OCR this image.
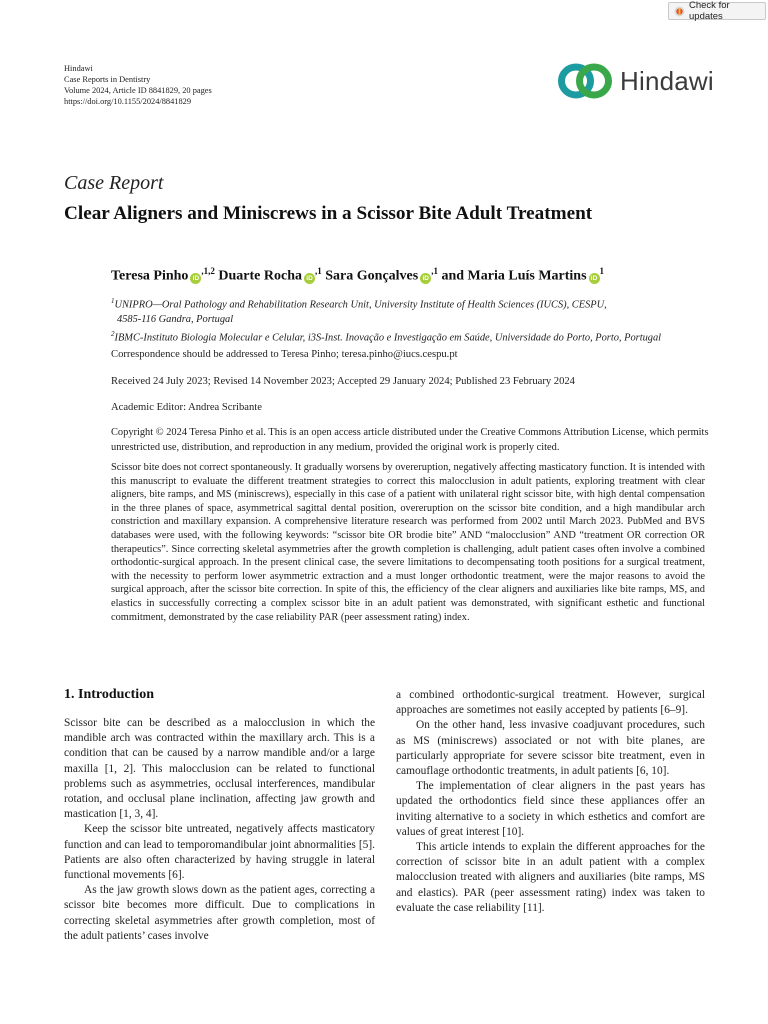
Check for updates
Hindawi
Case Reports in Dentistry
Volume 2024, Article ID 8841829, 20 pages
https://doi.org/10.1155/2024/8841829
Hindawi
Case Report
Clear Aligners and Miniscrews in a Scissor Bite Adult Treatment
Teresa Pinho $iD^{,1,2}$ Duarte Rocha $iD^{,1}$ Sara Gonçalves $iD^{,1}$ and Maria Luís Martins $iD^1$
$^1$UNIPRO—Oral Pathology and Rehabilitation Research Unit, University Institute of Health Sciences (IUCS), CESPU,
4585-116 Gandra, Portugal
$^2$IBMC-Instituto Biologia Molecular e Celular, i3S-Inst. Inovação e Investigação em Saúde, Universidade do Porto, Porto, Portugal
Correspondence should be addressed to Teresa Pinho; teresa.pinho@iucs.cespu.pt
Received 24 July 2023; Revised 14 November 2023; Accepted 29 January 2024; Published 23 February 2024
Academic Editor: Andrea Scribante
Copyright © 2024 Teresa Pinho et al. This is an open access article distributed under the Creative Commons Attribution License, which permits unrestricted use, distribution, and reproduction in any medium, provided the original work is properly cited.
Scissor bite does not correct spontaneously. It gradually worsens by overeruption, negatively affecting masticatory function. It is intended with this manuscript to evaluate the different treatment strategies to correct this malocclusion in adult patients, exploring treatment with clear aligners, bite ramps, and MS (miniscrews), especially in this case of a patient with unilateral right scissor bite, with high dental compensation in the three planes of space, asymmetrical sagittal dental position, overeruption on the scissor bite condition, and a high mandibular arch constriction and maxillary expansion. A comprehensive literature research was performed from 2002 until March 2023. PubMed and BVS databases were used, with the following keywords: “scissor bite OR brodie bite” AND “malocclusion” AND “treatment OR correction OR therapeutics”. Since correcting skeletal asymmetries after the growth completion is challenging, adult patient cases often involve a combined orthodontic-surgical approach. In the present clinical case, the severe limitations to decompensating tooth positions for a surgical treatment, with the necessity to perform lower asymmetric extraction and a must longer orthodontic treatment, were the major reasons to avoid the surgical approach, after the scissor bite correction. In spite of this, the efficiency of the clear aligners and auxiliaries like bite ramps, MS, and elastics in successfully correcting a complex scissor bite in an adult patient was demonstrated, with significant esthetic and functional commitment, demonstrated by the case reliability PAR (peer assessment rating) index.
1. Introduction

Scissor bite can be described as a malocclusion in which the mandible arch was contracted within the maxillary arch. This is a condition that can be caused by a narrow mandible and/or a large maxilla [1, 2]. This malocclusion can be related to functional problems such as asymmetries, occlusal interferences, mandibular rotation, and occlusal plane inclination, affecting jaw growth and mastication [1, 3, 4].

Keep the scissor bite untreated, negatively affects masticatory function and can lead to temporomandibular joint abnormalities [5]. Patients are also often characterized by having struggle in lateral functional movements [6].

As the jaw growth slows down as the patient ages, correcting a scissor bite becomes more difficult. Due to complications in correcting skeletal asymmetries after growth completion, most of the adult patients’ cases involve

a combined orthodontic-surgical treatment. However, surgical approaches are sometimes not easily accepted by patients [6–9].

On the other hand, less invasive coadjuvant procedures, such as MS (miniscrews) associated or not with bite planes, are particularly appropriate for severe scissor bite treatment, even in camouflage orthodontic treatments, in adult patients [6, 10].

The implementation of clear aligners in the past years has updated the orthodontics field since these appliances offer an inviting alternative to a society in which esthetics and comfort are values of great interest [10].

This article intends to explain the different approaches for the correction of scissor bite in an adult patient with a complex malocclusion treated with aligners and auxiliaries (bite ramps, MS and elastics). PAR (peer assessment rating) index was taken to evaluate the case reliability [11].
